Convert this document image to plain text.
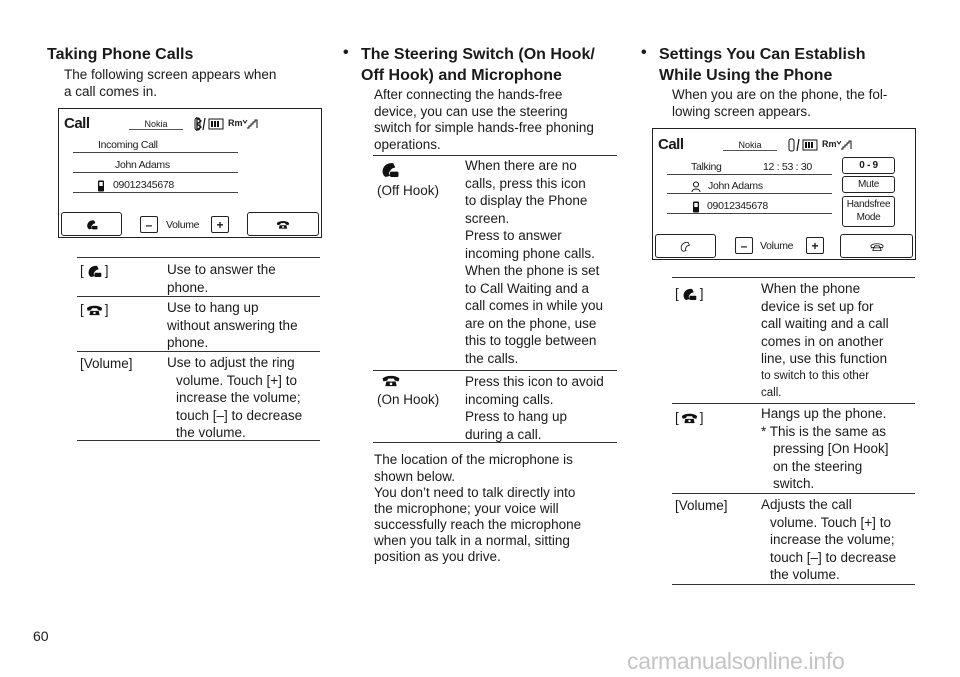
Taking Phone Calls
The following screen appears when
a call comes in.
Call	Nokia	Rm
Incoming Call
John Adams
09012345678
–	Volume	+
[ ]	Use to answer the
phone.
[ ]	Use to hang up
without answering the
phone.
[Volume]	Use to adjust the ring
volume. Touch [+] to
increase the volume;
touch [–] to decrease
the volume.
• The Steering Switch (On Hook/
Off Hook) and Microphone
After connecting the hands-free
device, you can use the steering
switch for simple hands-free phoning
operations.
(Off Hook)
When there are no
calls, press this icon
to display the Phone
screen.
Press to answer
incoming phone calls.
When the phone is set
to Call Waiting and a
call comes in while you
are on the phone, use
this to toggle between
the calls.
(On Hook)
Press this icon to avoid
incoming calls.
Press to hang up
during a call.
The location of the microphone is
shown below.
You don’t need to talk directly into
the microphone; your voice will
successfully reach the microphone
when you talk in a normal, sitting
position as you drive.
• Settings You Can Establish
While Using the Phone
When you are on the phone, the fol-
lowing screen appears.
Call	Nokia	Rm
Talking	12 : 53 : 30
John Adams
09012345678
0 - 9
Mute
Handsfree
Mode
–	Volume	+
[ ]	When the phone
device is set up for
call waiting and a call
comes in on another
line, use this function
to switch to this other
call.
[ ]	Hangs up the phone.
* This is the same as
pressing [On Hook]
on the steering
switch.
[Volume] Adjusts the call
volume. Touch [+] to
increase the volume;
touch [–] to decrease
the volume.
60
carmanualsonline.info
